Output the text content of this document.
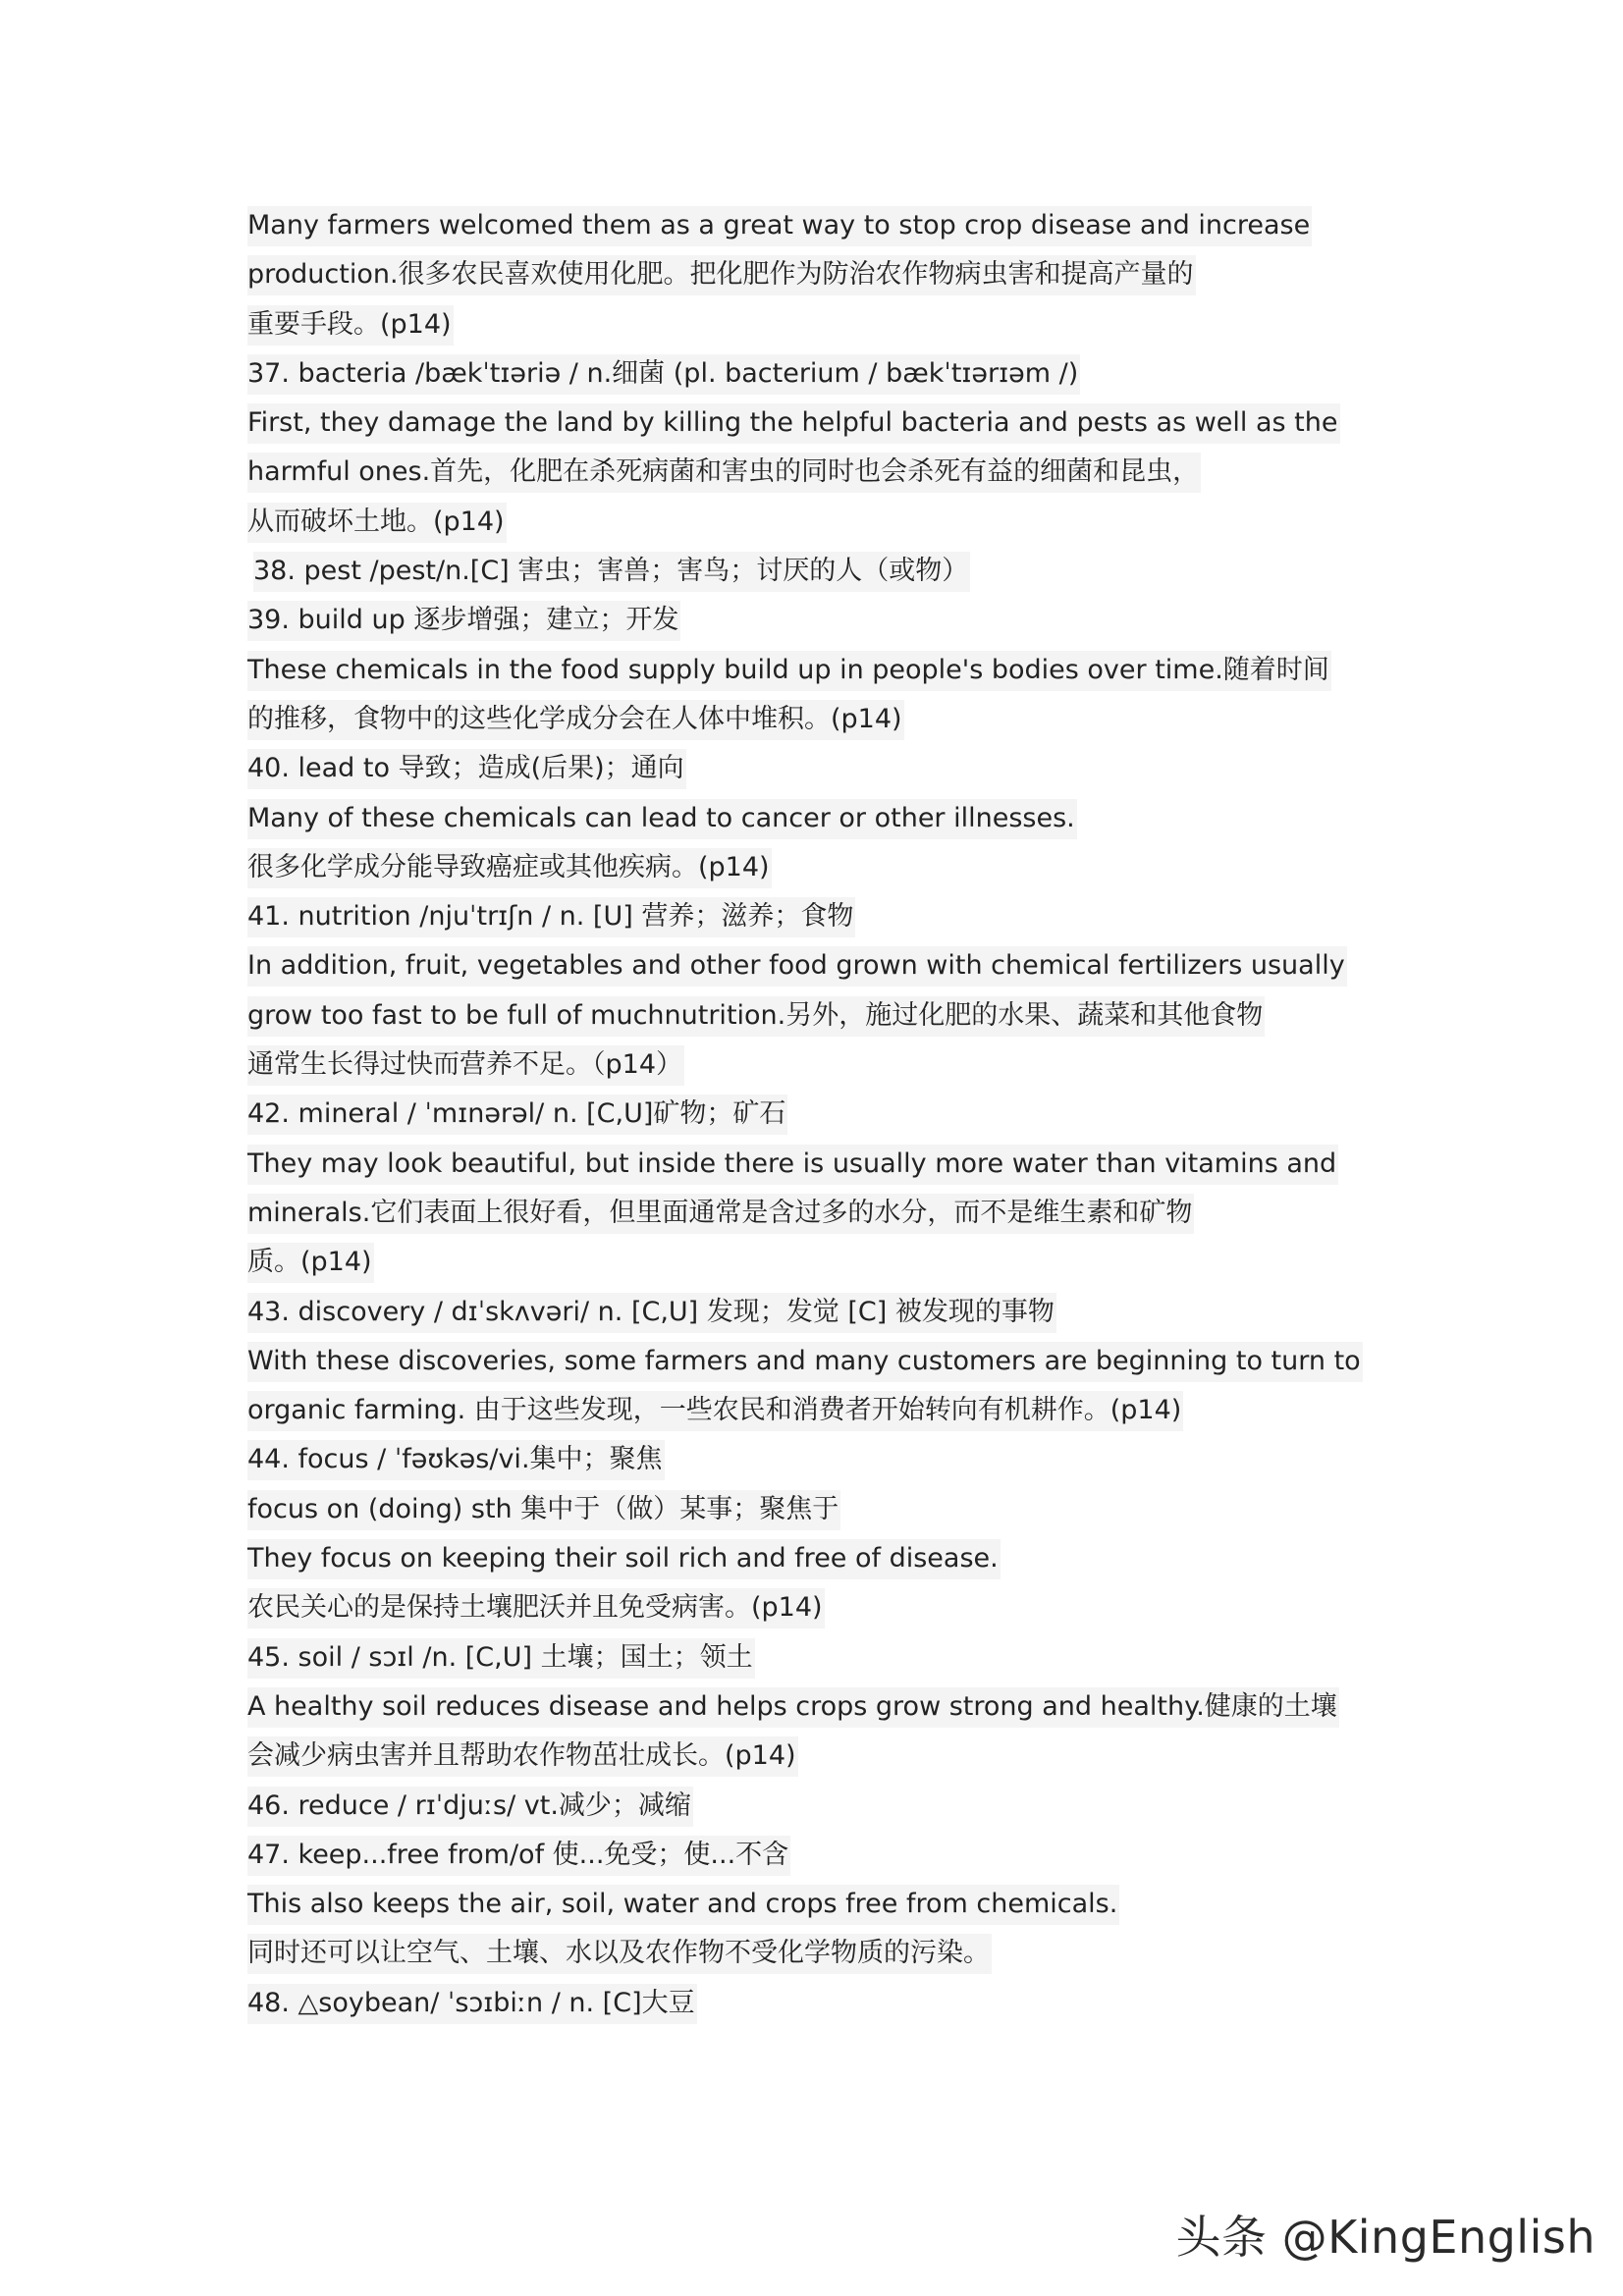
Many farmers welcomed them as a great way to stop crop disease and increase
production.很多农民喜欢使用化肥。把化肥作为防治农作物病虫害和提高产量的
重要手段。(p14)
37. bacteria /bækˈtɪəriə / n.细菌 (pl. bacterium / bækˈtɪərɪəm /)
First, they damage the land by killing the helpful bacteria and pests as well as the
harmful ones.首先，化肥在杀死病菌和害虫的同时也会杀死有益的细菌和昆虫，
从而破坏土地。(p14)
38. pest /pest/n.[C] 害虫；害兽；害鸟；讨厌的人（或物）
39. build up 逐步增强；建立；开发
These chemicals in the food supply build up in people's bodies over time.随着时间
的推移，食物中的这些化学成分会在人体中堆积。(p14)
40. lead to 导致；造成(后果)；通向
Many of these chemicals can lead to cancer or other illnesses.
很多化学成分能导致癌症或其他疾病。(p14)
41. nutrition /njuˈtrɪʃn / n. [U] 营养；滋养；食物
In addition, fruit, vegetables and other food grown with chemical fertilizers usually
grow too fast to be full of muchnutrition.另外，施过化肥的水果、蔬菜和其他食物
通常生长得过快而营养不足。（p14）
42. mineral / ˈmɪnərəl/ n. [C,U]矿物；矿石
They may look beautiful, but inside there is usually more water than vitamins and
minerals.它们表面上很好看，但里面通常是含过多的水分，而不是维生素和矿物
质。(p14)
43. discovery / dɪˈskʌvəri/ n. [C,U] 发现；发觉 [C] 被发现的事物
With these discoveries, some farmers and many customers are beginning to turn to
organic farming. 由于这些发现，一些农民和消费者开始转向有机耕作。(p14)
44. focus / ˈfəʊkəs/vi.集中；聚焦
focus on (doing) sth 集中于（做）某事；聚焦于
They focus on keeping their soil rich and free of disease.
农民关心的是保持土壤肥沃并且免受病害。(p14)
45. soil / sɔɪl /n. [C,U] 土壤；国土；领土
A healthy soil reduces disease and helps crops grow strong and healthy.健康的土壤
会减少病虫害并且帮助农作物茁壮成长。(p14)
46. reduce / rɪˈdjuːs/ vt.减少；减缩
47. keep...free from/of 使...免受；使...不含
This also keeps the air, soil, water and crops free from chemicals.
同时还可以让空气、土壤、水以及农作物不受化学物质的污染。
48. △soybean/ ˈsɔɪbiːn / n. [C]大豆
头条 @KingEnglish
